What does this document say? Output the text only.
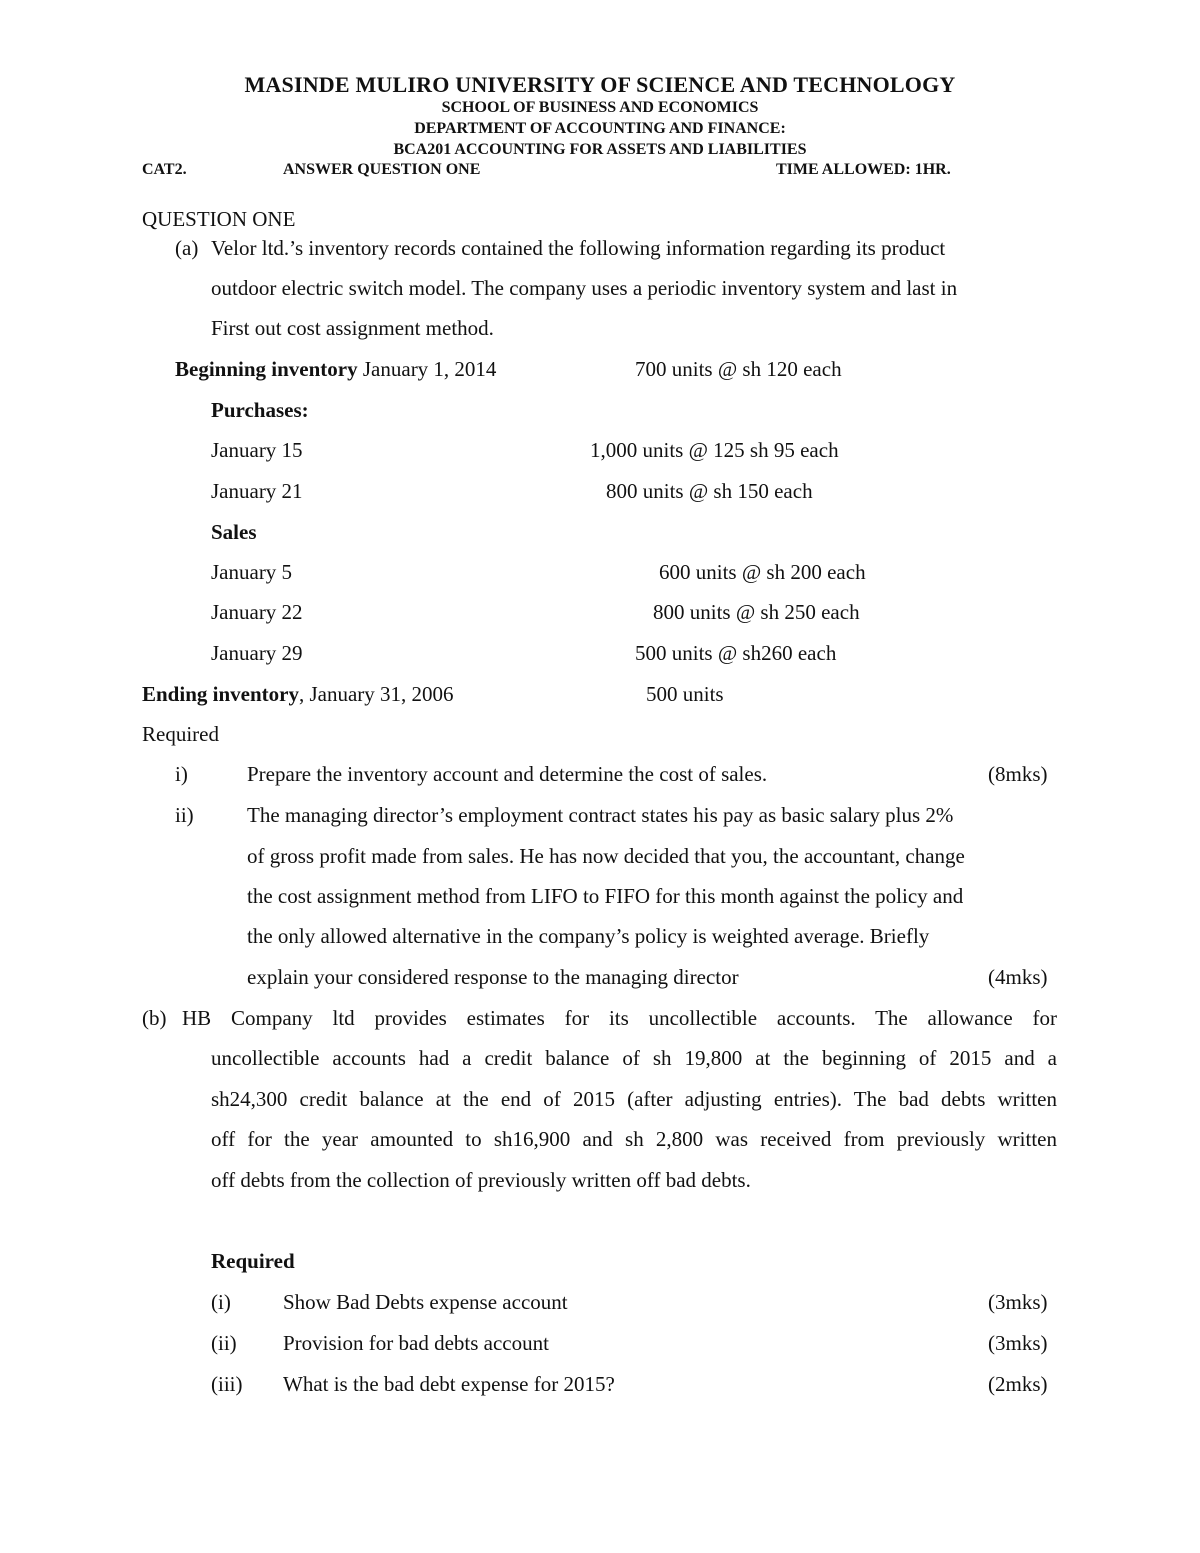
MASINDE MULIRO UNIVERSITY OF SCIENCE AND TECHNOLOGY
SCHOOL OF BUSINESS AND ECONOMICS
DEPARTMENT OF ACCOUNTING AND FINANCE:
BCA201 ACCOUNTING FOR ASSETS AND LIABILITIES
CAT2.	ANSWER QUESTION ONE	TIME ALLOWED: 1HR.
QUESTION ONE
(a) Velor ltd.’s inventory records contained the following information regarding its product
outdoor electric switch model. The company uses a periodic inventory system and last in
First out cost assignment method.
Beginning inventory January 1, 2014	700 units @ sh 120 each
Purchases:
January 15	1,000 units @ 125 sh 95 each
January 21	800 units @ sh 150 each
Sales
January 5	600 units @ sh 200 each
January 22	800 units @ sh 250 each
January 29	500 units @ sh260 each
Ending inventory, January 31, 2006	500 units
Required
i)	Prepare the inventory account and determine the cost of sales.	(8mks)
ii)	The managing director’s employment contract states his pay as basic salary plus 2%
of gross profit made from sales. He has now decided that you, the accountant, change
the cost assignment method from LIFO to FIFO for this month against the policy and
the only allowed alternative in the company’s policy is weighted average. Briefly
explain your considered response to the managing director	(4mks)
(b) HB Company ltd provides estimates for its uncollectible accounts. The allowance for
uncollectible accounts had a credit balance of sh 19,800 at the beginning of 2015 and a
sh24,300 credit balance at the end of 2015 (after adjusting entries). The bad debts written
off for the year amounted to sh16,900 and sh 2,800 was received from previously written
off debts from the collection of previously written off bad debts.
Required
(i) Show Bad Debts expense account	(3mks)
(ii) Provision for bad debts account	(3mks)
(iii) What is the bad debt expense for 2015?	(2mks)
